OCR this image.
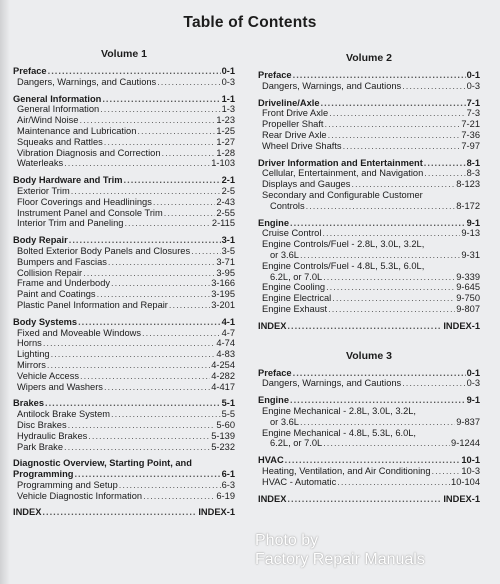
Table of Contents
Volume 1
Preface .....	0-1
Dangers, Warnings, and Cautions .....	0-3
General Information .....	1-1
General Information .....	1-3
Air/Wind Noise .....	1-23
Maintenance and Lubrication .....	1-25
Squeaks and Rattles .....	1-27
Vibration Diagnosis and Correction .....	1-28
Waterleaks .....	1-103
Body Hardware and Trim .....	2-1
Exterior Trim .....	2-5
Floor Coverings and Headlinings .....	2-43
Instrument Panel and Console Trim .....	2-55
Interior Trim and Paneling .....	2-115
Body Repair .....	3-1
Bolted Exterior Body Panels and Closures .....	3-5
Bumpers and Fascias .....	3-71
Collision Repair .....	3-95
Frame and Underbody .....	3-166
Paint and Coatings .....	3-195
Plastic Panel Information and Repair .....	3-201
Body Systems .....	4-1
Fixed and Moveable Windows .....	4-7
Horns .....	4-74
Lighting .....	4-83
Mirrors .....	4-254
Vehicle Access .....	4-282
Wipers and Washers .....	4-417
Brakes .....	5-1
Antilock Brake System .....	5-5
Disc Brakes .....	5-60
Hydraulic Brakes .....	5-139
Park Brake .....	5-232
Diagnostic Overview, Starting Point, and
Programming .....	6-1
Programming and Setup .....	6-3
Vehicle Diagnostic Information .....	6-19
INDEX .....	INDEX-1
Volume 2
Preface .....	0-1
Dangers, Warnings, and Cautions .....	0-3
Driveline/Axle .....	7-1
Front Drive Axle .....	7-3
Propeller Shaft .....	7-21
Rear Drive Axle .....	7-36
Wheel Drive Shafts .....	7-97
Driver Information and Entertainment .....	8-1
Cellular, Entertainment, and Navigation .....	8-3
Displays and Gauges .....	8-123
Secondary and Configurable Customer
Controls .....	8-172
Engine .....	9-1
Cruise Control .....	9-13
Engine Controls/Fuel - 2.8L, 3.0L, 3.2L,
or 3.6L .....	9-31
Engine Controls/Fuel - 4.8L, 5.3L, 6.0L,
6.2L, or 7.0L .....	9-339
Engine Cooling .....	9-645
Engine Electrical .....	9-750
Engine Exhaust .....	9-807
INDEX .....	INDEX-1
Volume 3
Preface .....	0-1
Dangers, Warnings, and Cautions .....	0-3
Engine .....	9-1
Engine Mechanical - 2.8L, 3.0L, 3.2L,
or 3.6L .....	9-837
Engine Mechanical - 4.8L, 5.3L, 6.0L,
6.2L, or 7.0L .....	9-1244
HVAC .....	10-1
Heating, Ventilation, and Air Conditioning .....	10-3
HVAC - Automatic .....	10-104
INDEX .....	INDEX-1
Photo by
Factory Repair Manuals
